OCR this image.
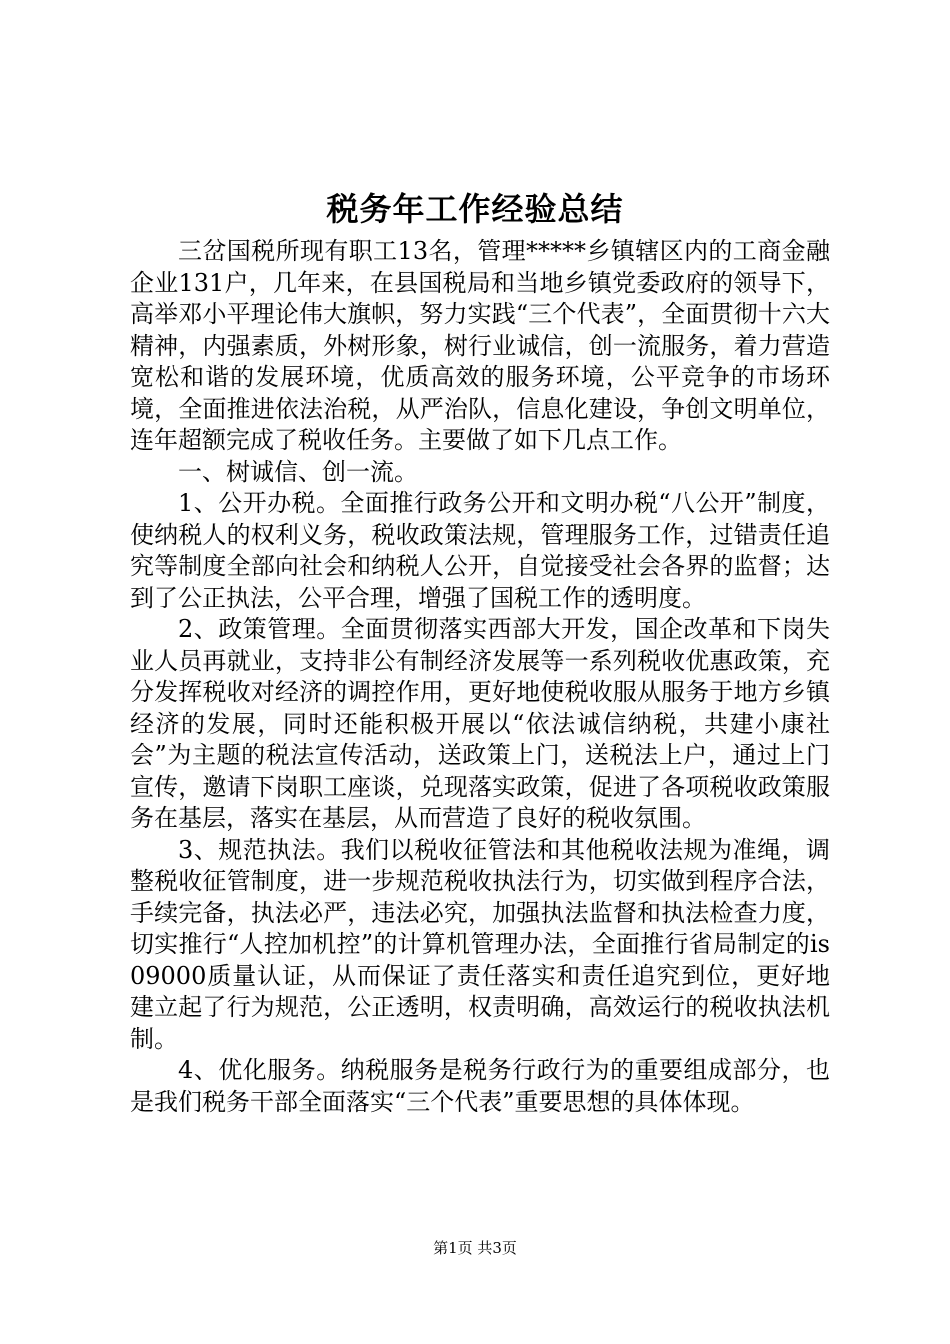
税务年工作经验总结

三岔国税所现有职工13名，管理*****乡镇辖区内的工商金融企业131户，几年来，在县国税局和当地乡镇党委政府的领导下，高举邓小平理论伟大旗帜，努力实践“三个代表”，全面贯彻十六大精神，内强素质，外树形象，树行业诚信，创一流服务，着力营造宽松和谐的发展环境，优质高效的服务环境，公平竞争的市场环境，全面推进依法治税，从严治队，信息化建设，争创文明单位，连年超额完成了税收任务。主要做了如下几点工作。

一、树诚信、创一流。

1、公开办税。全面推行政务公开和文明办税“八公开”制度，使纳税人的权利义务，税收政策法规，管理服务工作，过错责任追究等制度全部向社会和纳税人公开，自觉接受社会各界的监督；达到了公正执法，公平合理，增强了国税工作的透明度。

2、政策管理。全面贯彻落实西部大开发，国企改革和下岗失业人员再就业，支持非公有制经济发展等一系列税收优惠政策，充分发挥税收对经济的调控作用，更好地使税收服从服务于地方乡镇经济的发展，同时还能积极开展以“依法诚信纳税，共建小康社会”为主题的税法宣传活动，送政策上门，送税法上户，通过上门宣传，邀请下岗职工座谈，兑现落实政策，促进了各项税收政策服务在基层，落实在基层，从而营造了良好的税收氛围。

3、规范执法。我们以税收征管法和其他税收法规为准绳，调整税收征管制度，进一步规范税收执法行为，切实做到程序合法，手续完备，执法必严，违法必究，加强执法监督和执法检查力度，切实推行“人控加机控”的计算机管理办法，全面推行省局制定的is09000质量认证，从而保证了责任落实和责任追究到位，更好地建立起了行为规范，公正透明，权责明确，高效运行的税收执法机制。

4、优化服务。纳税服务是税务行政行为的重要组成部分，也是我们税务干部全面落实“三个代表”重要思想的具体体现。

第1页 共3页
